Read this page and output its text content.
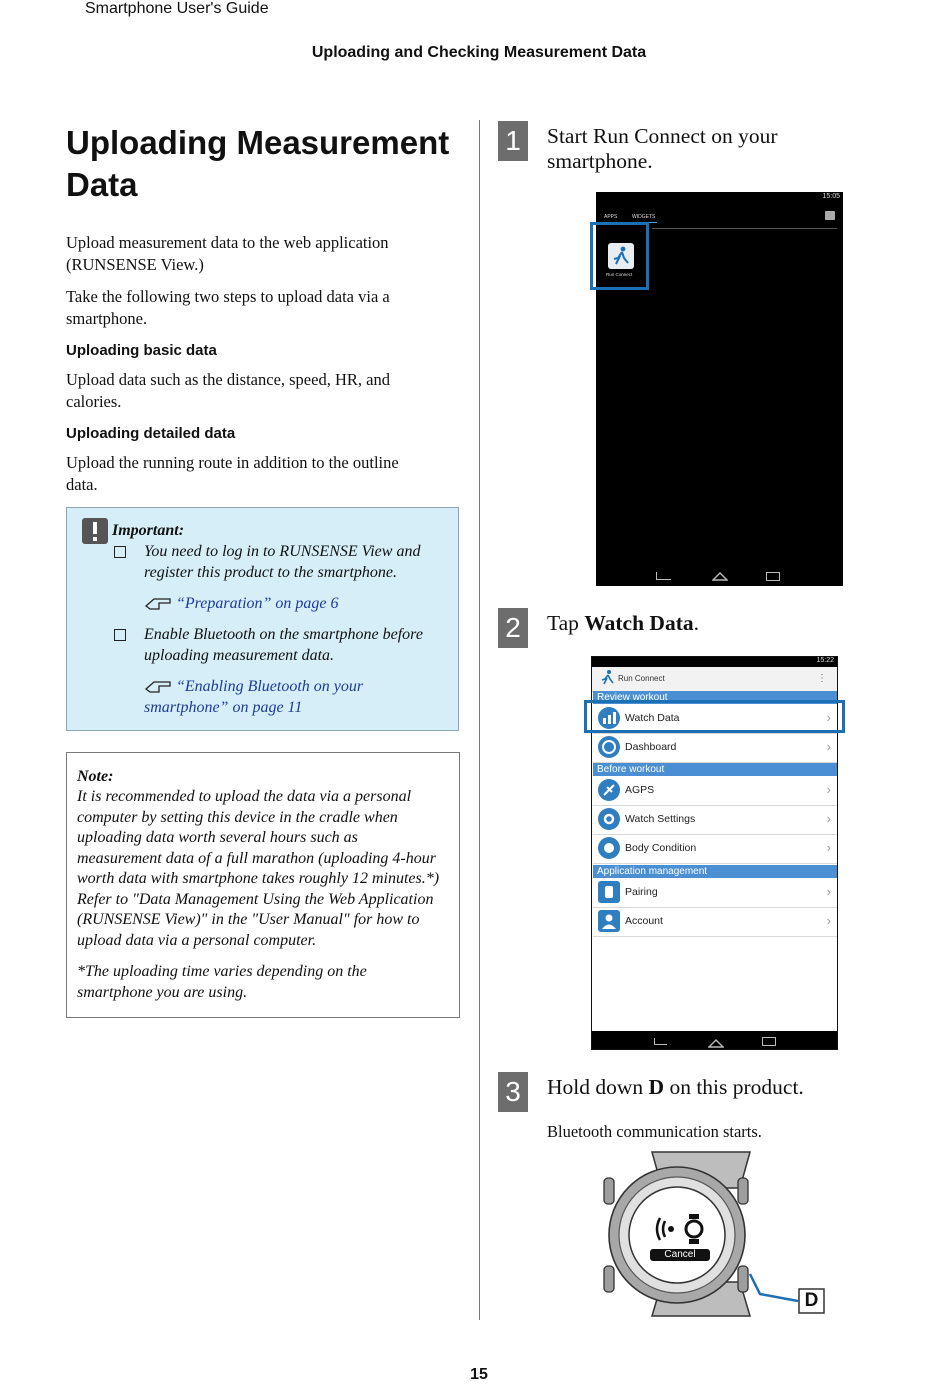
Smartphone User's Guide
Uploading and Checking Measurement Data
Uploading Measurement
Data
Upload measurement data to the web application
(RUNSENSE View.)
Take the following two steps to upload data via a
smartphone.
Uploading basic data
Upload data such as the distance, speed, HR, and
calories.
Uploading detailed data
Upload the running route in addition to the outline
data.
Important:
You need to log in to RUNSENSE View and
register this product to the smartphone.
“Preparation” on page 6
Enable Bluetooth on the smartphone before
uploading measurement data.
“Enabling Bluetooth on your
smartphone” on page 11
Note:
It is recommended to upload the data via a personal
computer by setting this device in the cradle when
uploading data worth several hours such as
measurement data of a full marathon (uploading 4-hour
worth data with smartphone takes roughly 12 minutes.*)
Refer to "Data Management Using the Web Application
(RUNSENSE View)" in the "User Manual" for how to
upload data via a personal computer.
*The uploading time varies depending on the
smartphone you are using.
1	Start Run Connect on your
smartphone.
15:05
APPS	WIDGETS
Run Connect
2	Tap Watch Data.
15:22
Run Connect	⋮
Review workout
Watch Data	›
Dashboard	›
Before workout
AGPS	›
Watch Settings	›
Body Condition	›
Application management
Pairing	›
Account	›
3	Hold down D on this product.
Bluetooth communication starts.
Cancel
D
15
